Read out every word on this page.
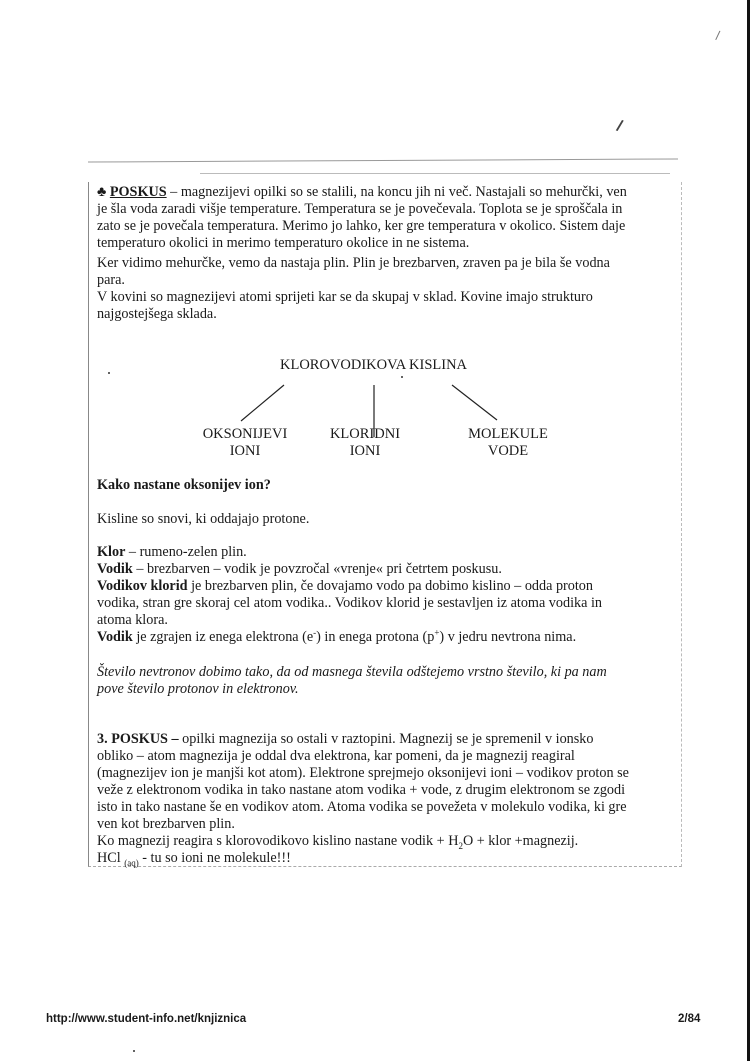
/
/
♣ POSKUS – magnezijevi opilki so se stalili, na koncu jih ni več. Nastajali so mehurčki, ven
je šla voda zaradi višje temperature. Temperatura se je povečevala. Toplota se je sproščala in
zato se je povečala temperatura. Merimo jo lahko, ker gre temperatura v okolico. Sistem daje
temperaturo okolici in merimo temperaturo okolice in ne sistema.
Ker vidimo mehurčke, vemo da nastaja plin. Plin je brezbarven, zraven pa je bila še vodna
para.
V kovini so magnezijevi atomi sprijeti kar se da skupaj v sklad. Kovine imajo strukturo
najgostejšega sklada.
KLOROVODIKOVA KISLINA
OKSONIJEVI
IONI
KLORIDNI
IONI
MOLEKULE
VODE
Kako nastane oksonijev ion?
Kisline so snovi, ki oddajajo protone.
Klor – rumeno-zelen plin.
Vodik – brezbarven – vodik je povzročal «vrenje« pri četrtem poskusu.
Vodikov klorid je brezbarven plin, če dovajamo vodo pa dobimo kislino – odda proton
vodika, stran gre skoraj cel atom vodika.. Vodikov klorid je sestavljen iz atoma vodika in
atoma klora.
Vodik je zgrajen iz enega elektrona (e-) in enega protona (p+) v jedru nevtrona nima.
Število nevtronov dobimo tako, da od masnega števila odštejemo vrstno število, ki pa nam
pove število protonov in elektronov.
3. POSKUS – opilki magnezija so ostali v raztopini. Magnezij se je spremenil v ionsko
obliko – atom magnezija je oddal dva elektrona, kar pomeni, da je magnezij reagiral
(magnezijev ion je manjši kot atom). Elektrone sprejmejo oksonijevi ioni – vodikov proton se
veže z elektronom vodika in tako nastane atom vodika + vode, z drugim elektronom se zgodi
isto in tako nastane še en vodikov atom. Atoma vodika se povežeta v molekulo vodika, ki gre
ven kot brezbarven plin.
Ko magnezij reagira s klorovodikovo kislino nastane vodik + $H_2O$ + klor +magnezij.
HCl $_{(aq)}$ - tu so ioni ne molekule!!!
http://www.student-info.net/knjiznica	2/84
